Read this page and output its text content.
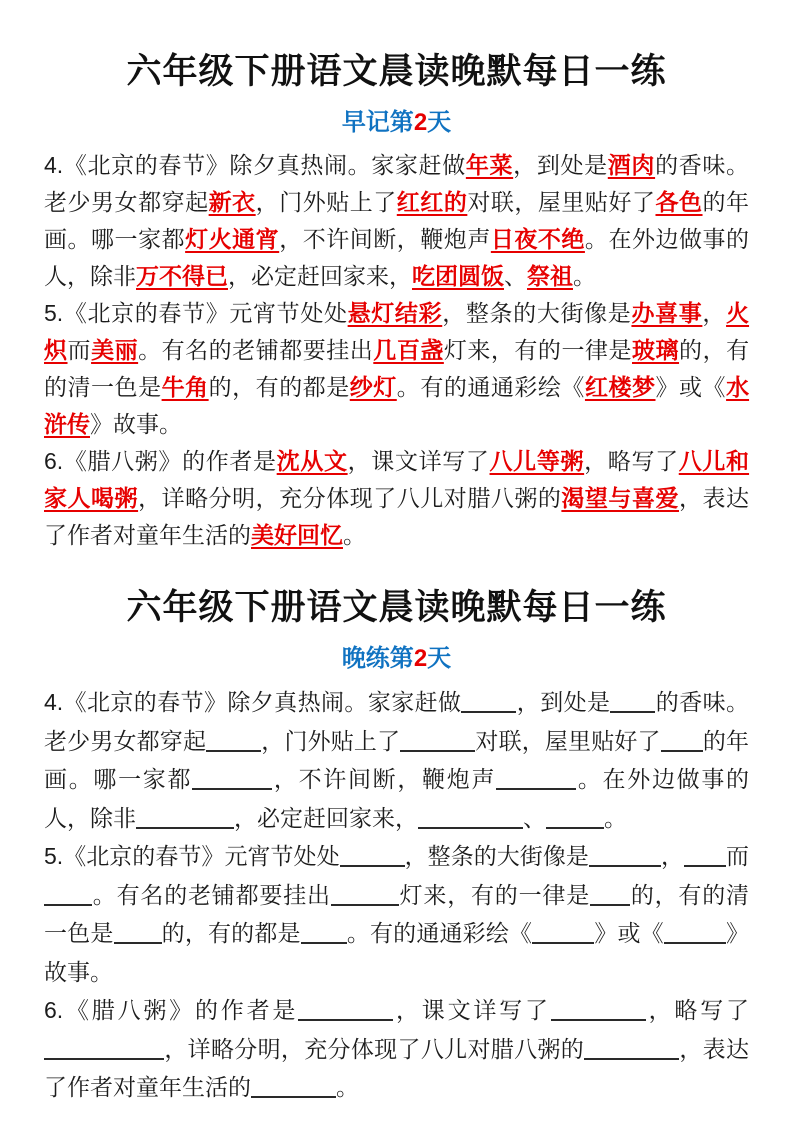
六年级下册语文晨读晚默每日一练
早记第2天

4.《北京的春节》除夕真热闹。家家赶做年菜，到处是酒肉的香味。老少男女都穿起新衣，门外贴上了红红的对联，屋里贴好了各色的年画。哪一家都灯火通宵，不许间断，鞭炮声日夜不绝。在外边做事的人，除非万不得已，必定赶回家来，吃团圆饭、祭祖。

5.《北京的春节》元宵节处处悬灯结彩，整条的大街像是办喜事，火炽而美丽。有名的老铺都要挂出几百盏灯来，有的一律是玻璃的，有的清一色是牛角的，有的都是纱灯。有的通通彩绘《红楼梦》或《水浒传》故事。

6.《腊八粥》的作者是沈从文，课文详写了八儿等粥，略写了八儿和家人喝粥，详略分明，充分体现了八儿对腊八粥的渴望与喜爱，表达了作者对童年生活的美好回忆。

六年级下册语文晨读晚默每日一练
晚练第2天

4.《北京的春节》除夕真热闹。家家赶做 ，到处是 的香味。老少男女都穿起 ，门外贴上了	对联，屋里贴好了 的年画。哪一家都	，不许间断，鞭炮声	。在外边做事的人，除非	，必定赶回家来，	、	。

5.《北京的春节》元宵节处处	，整条的大街像是	， 而。有名的老铺都要挂出	灯来，有的一律是 的，有的清一色是 的，有的都是 。有的通通彩绘《	》或《	》故事。

6.《腊八粥》的作者是	，课文详写了	，略写了，详略分明，充分体现了八儿对腊八粥的	，表达了作者对童年生活的	。
